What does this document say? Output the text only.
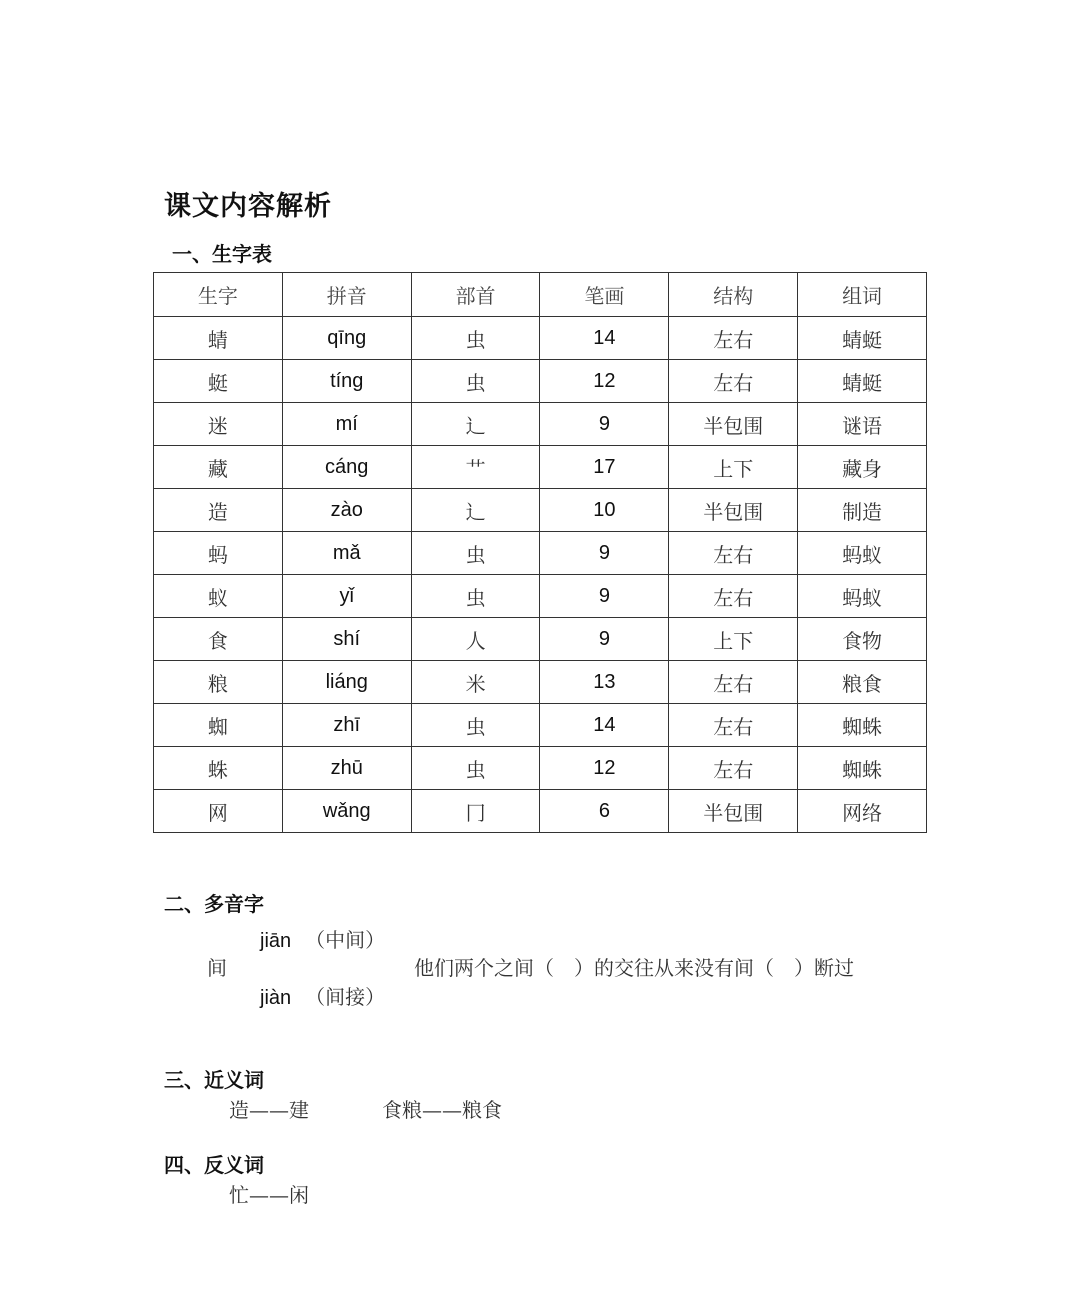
课文内容解析
一、生字表
生字	拼音	部首	笔画	结构	组词
蜻	qīng	虫	14	左右	蜻蜓
蜓	tíng	虫	12	左右	蜻蜓
迷	mí	辶	9	半包围	谜语
藏	cáng	艹	17	上下	藏身
造	zào	辶	10	半包围	制造
蚂	mǎ	虫	9	左右	蚂蚁
蚁	yǐ	虫	9	左右	蚂蚁
食	shí	人	9	上下	食物
粮	liáng	米	13	左右	粮食
蜘	zhī	虫	14	左右	蜘蛛
蛛	zhū	虫	12	左右	蜘蛛
网	wǎng	冂	6	半包围	网络
二、多音字
jiān （中间）
间	他们两个之间（　）的交往从来没有间（　）断过
jiàn （间接）
三、近义词
造——建	食粮——粮食
四、反义词
忙——闲
